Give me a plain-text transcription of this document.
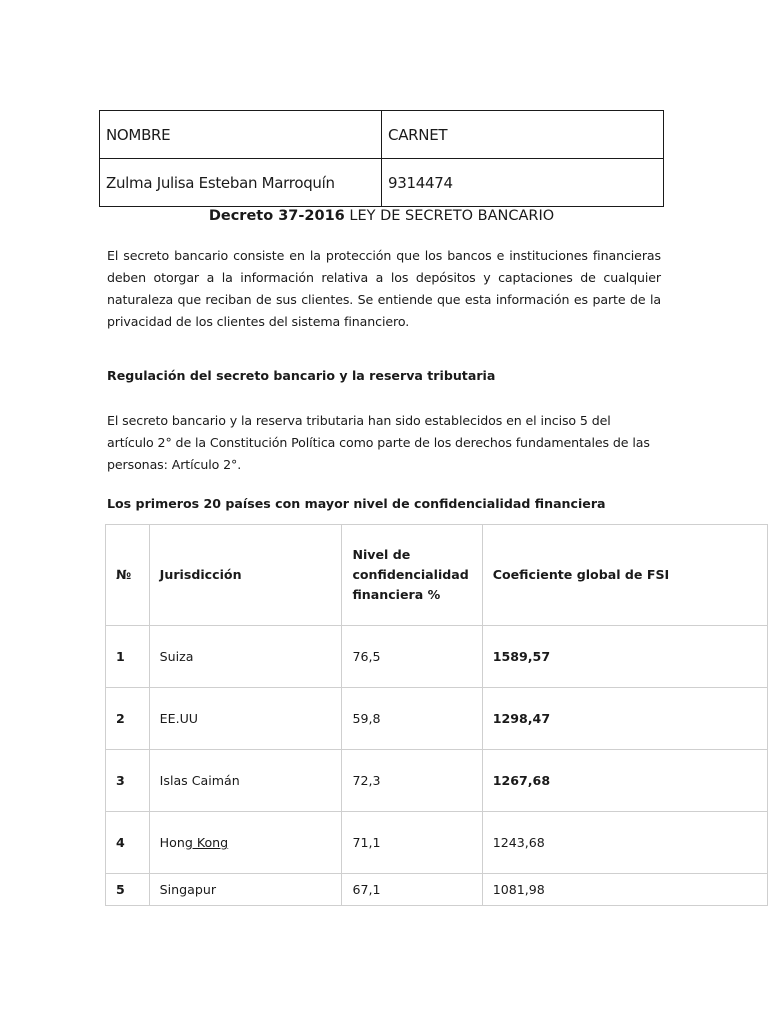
NOMBRE	CARNET
Zulma Julisa Esteban Marroquín	9314474
Decreto 37-2016 LEY DE SECRETO BANCARIO

El secreto bancario consiste en la protección que los bancos e instituciones financieras deben otorgar a la información relativa a los depósitos y captaciones de cualquier naturaleza que reciban de sus clientes. Se entiende que esta información es parte de la privacidad de los clientes del sistema financiero.

Regulación del secreto bancario y la reserva tributaria

El secreto bancario y la reserva tributaria han sido establecidos en el inciso 5 del artículo 2° de la Constitución Política como parte de los derechos fundamentales de las personas: Artículo 2°.

Los primeros 20 países con mayor nivel de confidencialidad financiera
№	Jurisdicción	Nivel de confidencialidad financiera %	Coeficiente global de FSI
1	Suiza	76,5	1589,57
2	EE.UU	59,8	1298,47
3	Islas Caimán	72,3	1267,68
4	Hong Kong	71,1	1243,68
5	Singapur	67,1	1081,98
